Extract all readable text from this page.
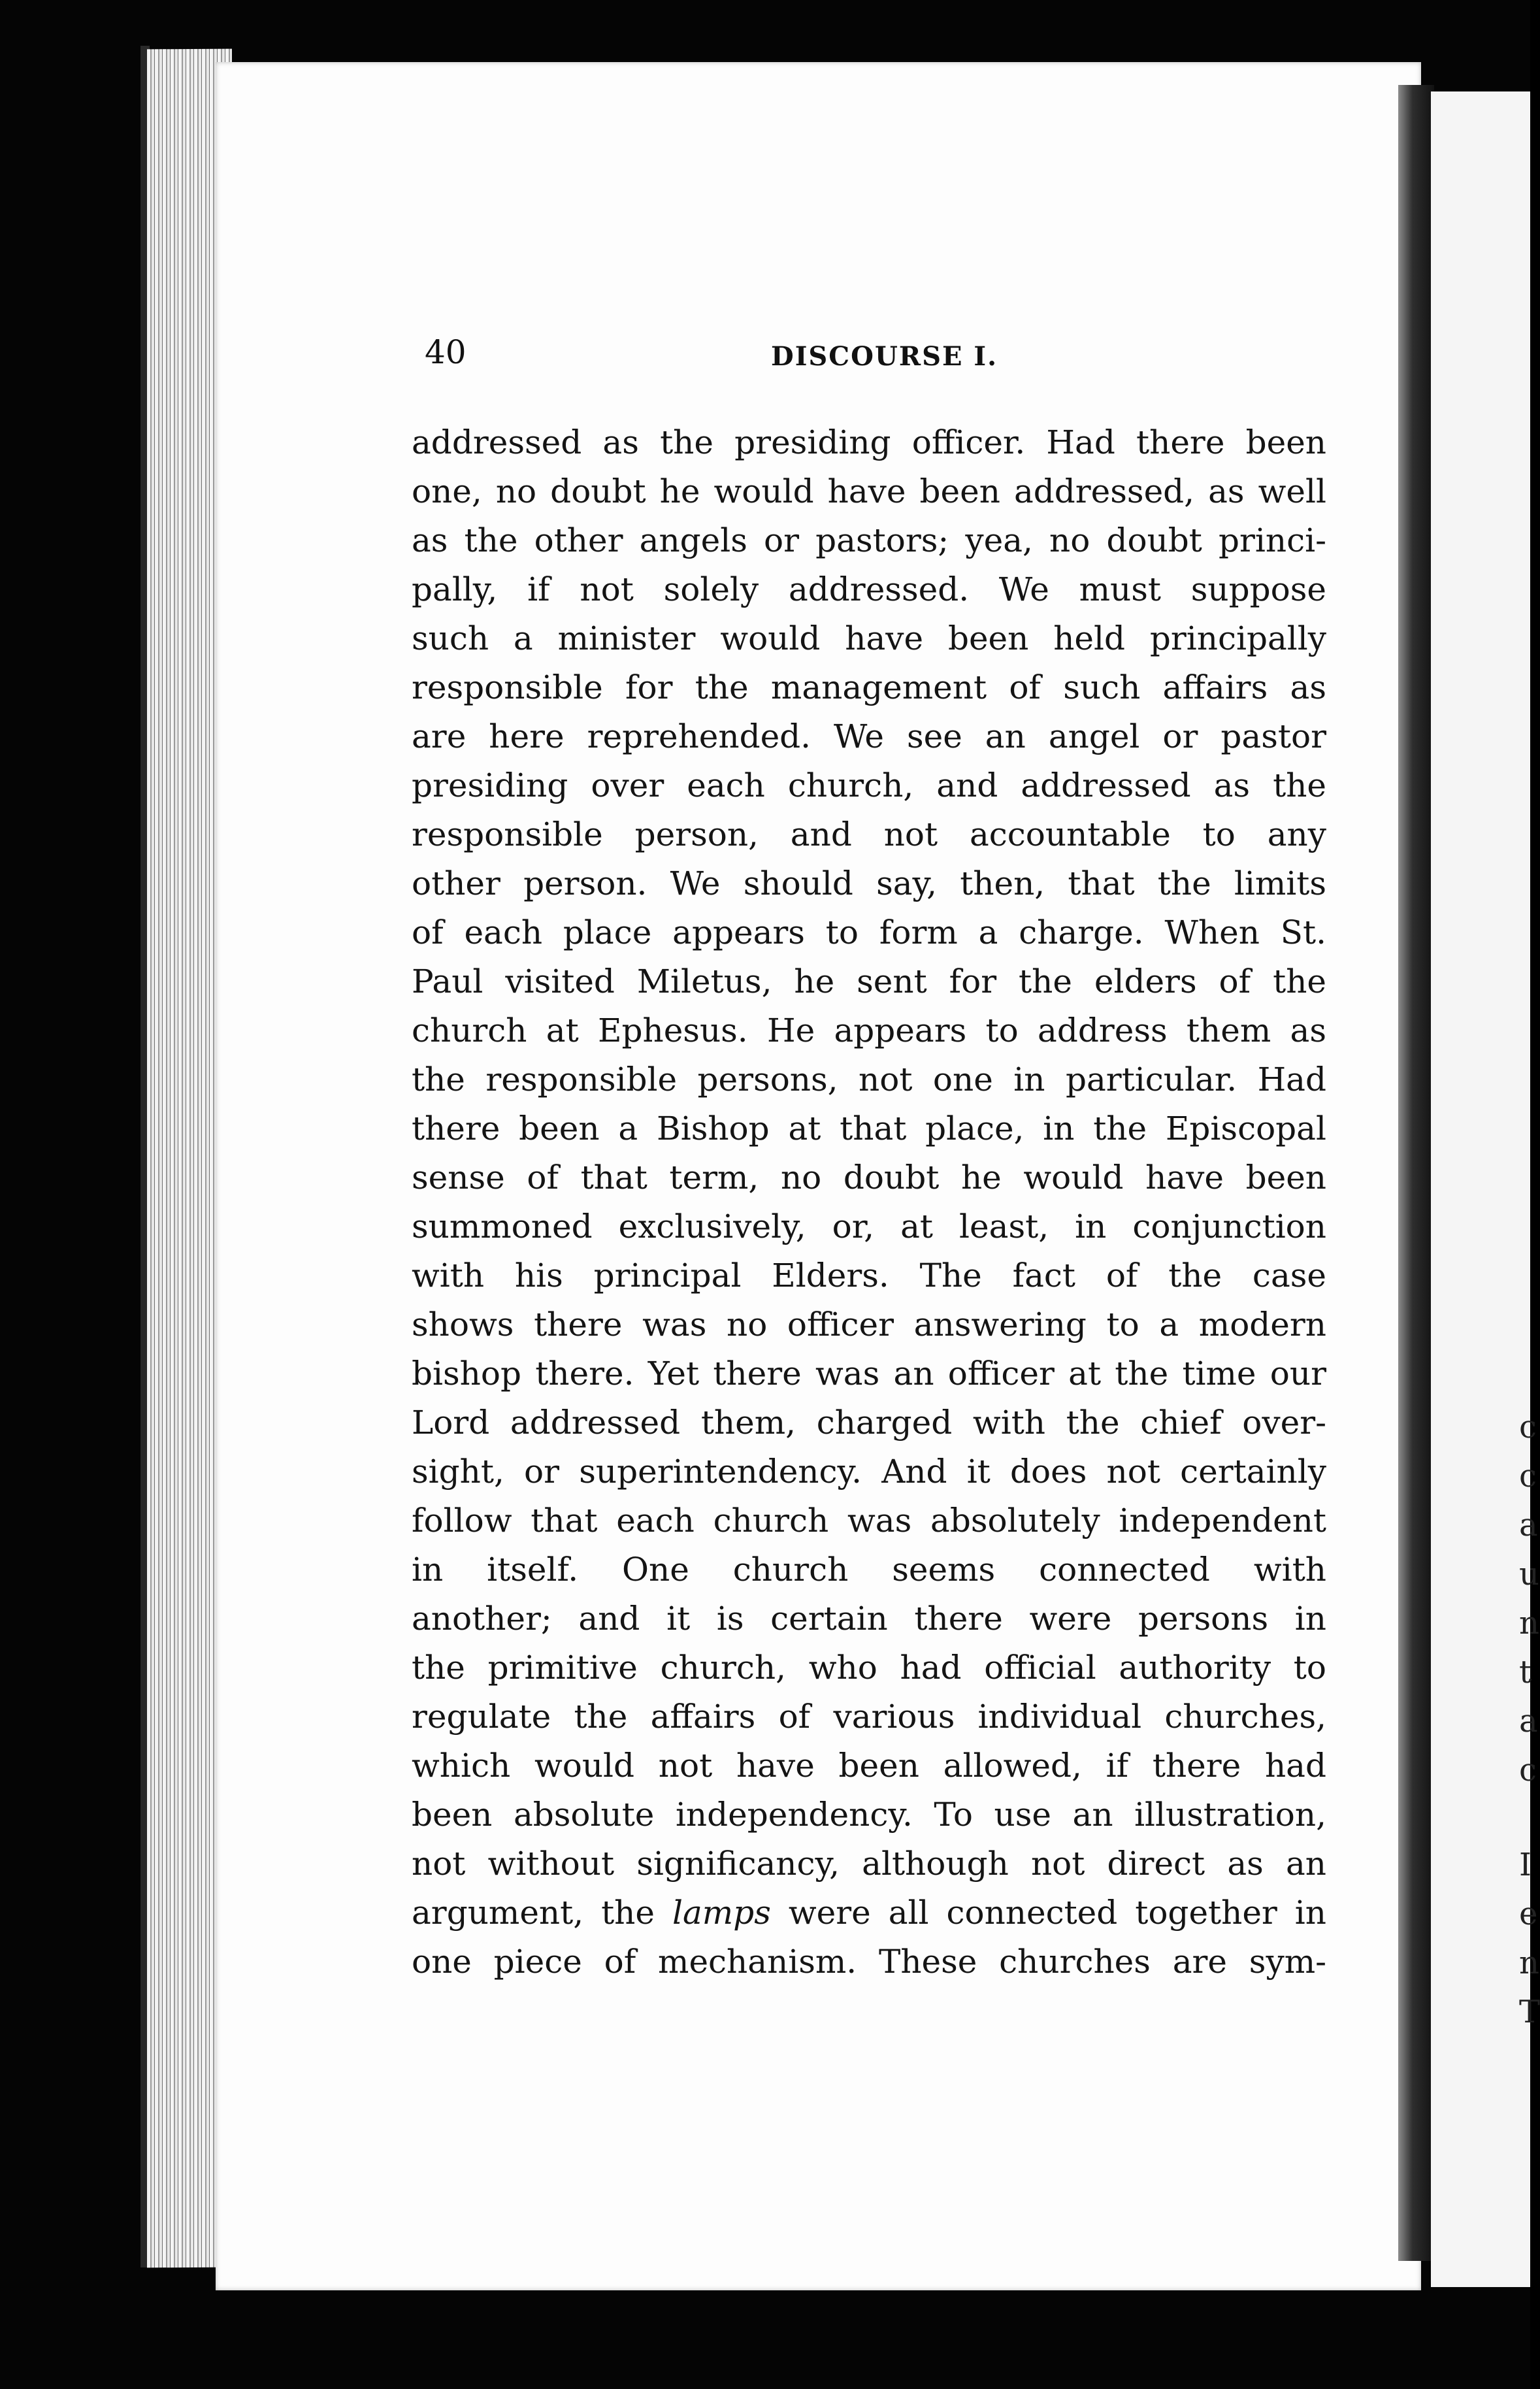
c
c
a
u
n
t
a
c
I
e
n
T
40	DISCOURSE I.
addressed as the presiding officer. Had there been
one, no doubt he would have been addressed, as well
as the other angels or pastors; yea, no doubt princi-
pally, if not solely addressed. We must suppose
such a minister would have been held principally
responsible for the management of such affairs as
are here reprehended. We see an angel or pastor
presiding over each church, and addressed as the
responsible person, and not accountable to any
other person. We should say, then, that the limits
of each place appears to form a charge. When St.
Paul visited Miletus, he sent for the elders of the
church at Ephesus. He appears to address them as
the responsible persons, not one in particular. Had
there been a Bishop at that place, in the Episcopal
sense of that term, no doubt he would have been
summoned exclusively, or, at least, in conjunction
with his principal Elders. The fact of the case
shows there was no officer answering to a modern
bishop there. Yet there was an officer at the time our
Lord addressed them, charged with the chief over-
sight, or superintendency. And it does not certainly
follow that each church was absolutely independent
in itself. One church seems connected with
another; and it is certain there were persons in
the primitive church, who had official authority to
regulate the affairs of various individual churches,
which would not have been allowed, if there had
been absolute independency. To use an illustration,
not without significancy, although not direct as an
argument, the lamps were all connected together in
one piece of mechanism. These churches are sym-
